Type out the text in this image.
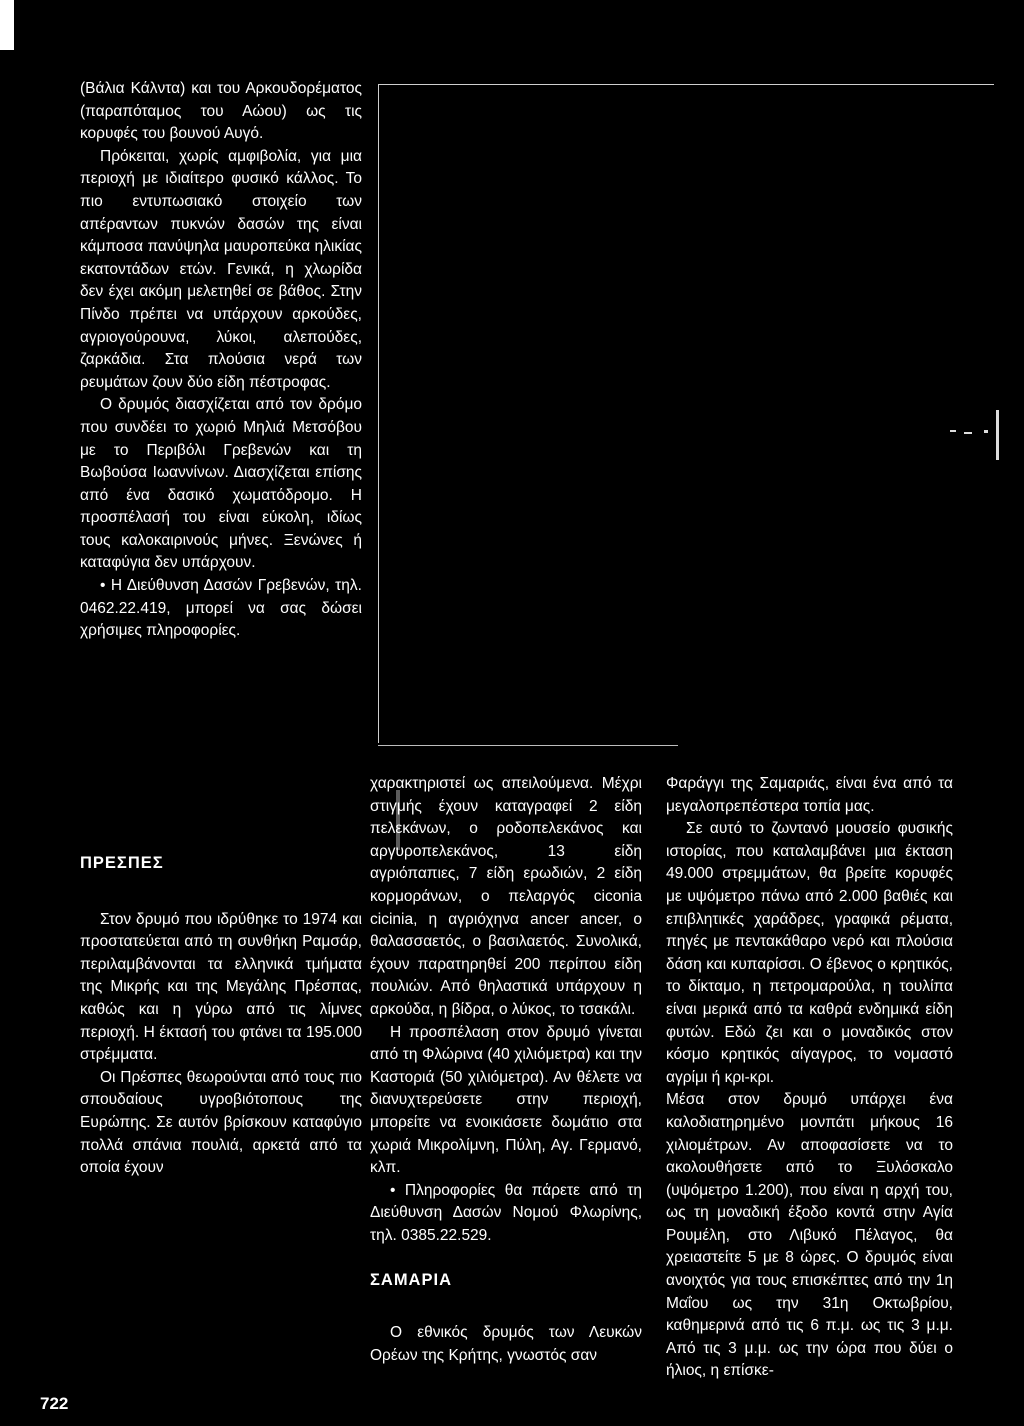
(Βάλια Κάλντα) και του Αρκουδορέματος (παραπόταμος του Αώου) ως τις κορυφές του βουνού Αυγό.

Πρόκειται, χωρίς αμφιβολία, για μια περιοχή με ιδιαίτερο φυσικό κάλλος. Το πιο εντυπωσιακό στοιχείο των απέραντων πυκνών δασών της είναι κάμποσα πανύψηλα μαυροπεύκα ηλικίας εκατοντάδων ετών. Γενικά, η χλωρίδα δεν έχει ακόμη μελετηθεί σε βάθος. Στην Πίνδο πρέπει να υπάρχουν αρκούδες, αγριογούρουνα, λύκοι, αλεπούδες, ζαρκάδια. Στα πλούσια νερά των ρευμάτων ζουν δύο είδη πέστροφας.

Ο δρυμός διασχίζεται από τον δρόμο που συνδέει το χωριό Μηλιά Μετσόβου με το Περιβόλι Γρεβενών και τη Βωβούσα Ιωαννίνων. Διασχίζεται επίσης από ένα δασικό χωματόδρομο. Η προσπέλασή του είναι εύκολη, ιδίως τους καλοκαιρινούς μήνες. Ξενώνες ή καταφύγια δεν υπάρχουν.

• Η Διεύθυνση Δασών Γρεβενών, τηλ. 0462.22.419, μπορεί να σας δώσει χρήσιμες πληροφορίες.

ΠΡΕΣΠΕΣ

Στον δρυμό που ιδρύθηκε το 1974 και προστατεύεται από τη συνθήκη Ραμσάρ, περιλαμβάνονται τα ελληνικά τμήματα της Μικρής και της Μεγάλης Πρέσπας, καθώς και η γύρω από τις λίμνες περιοχή. Η έκτασή του φτάνει τα 195.000 στρέμματα.

Οι Πρέσπες θεωρούνται από τους πιο σπουδαίους υγροβιότοπους της Ευρώπης. Σε αυτόν βρίσκουν καταφύγιο πολλά σπάνια πουλιά, αρκετά από τα οποία έχουν

χαρακτηριστεί ως απειλούμενα. Μέχρι στιγμής έχουν καταγραφεί 2 είδη πελεκάνων, ο ροδοπελεκάνος και αργυροπελεκάνος, 13 είδη αγριόπαπιες, 7 είδη ερωδιών, 2 είδη κορμοράνων, ο πελαργός ciconia ciciniа, η αγριόχηνα ancer ancer, ο θαλασσαετός, ο βασιλαετός. Συνολικά, έχουν παρατηρηθεί 200 περίπου είδη πουλιών. Από θηλαστικά υπάρχουν η αρκούδα, η βίδρα, ο λύκος, το τσακάλι.

Η προσπέλαση στον δρυμό γίνεται από τη Φλώρινα (40 χιλιόμετρα) και την Καστοριά (50 χιλιόμετρα). Αν θέλετε να διανυχτερεύσετε στην περιοχή, μπορείτε να ενοικιάσετε δωμάτιο στα χωριά Μικρολίμνη, Πύλη, Αγ. Γερμανό, κλπ.

• Πληροφορίες θα πάρετε από τη Διεύθυνση Δασών Νομού Φλωρίνης, τηλ. 0385.22.529.

ΣΑΜΑΡΙΑ

Ο εθνικός δρυμός των Λευκών Ορέων της Κρήτης, γνωστός σαν

Φαράγγι της Σαμαριάς, είναι ένα από τα μεγαλοπρεπέστερα τοπία μας.

Σε αυτό το ζωντανό μουσείο φυσικής ιστορίας, που καταλαμβάνει μια έκταση 49.000 στρεμμάτων, θα βρείτε κορυφές με υψόμετρο πάνω από 2.000 βαθιές και επιβλητικές χαράδρες, γραφικά ρέματα, πηγές με πεντακάθαρο νερό και πλούσια δάση και κυπαρίσσι. Ο έβενος ο κρητικός, το δίκταμο, η πετρομαρούλα, η τουλίπα είναι μερικά από τα καθρά ενδημικά είδη φυτών. Εδώ ζει και ο μοναδικός στον κόσμο κρητικός αίγαγρος, το νομαστό αγρίμι ή κρι-κρι.

Μέσα στον δρυμό υπάρχει ένα καλοδιατηρημένο μονπάτι μήκους 16 χιλιομέτρων. Αν αποφασίσετε να το ακολουθήσετε από το Ξυλόσκαλο (υψόμετρο 1.200), που είναι η αρχή του, ως τη μοναδική έξοδο κοντά στην Αγία Ρουμέλη, στο Λιβυκό Πέλαγος, θα χρειαστείτε 5 με 8 ώρες. Ο δρυμός είναι ανοιχτός για τους επισκέπτες από την 1η Μαΐου ως την 31η Οκτωβρίου, καθημερινά από τις 6 π.μ. ως τις 3 μ.μ. Από τις 3 μ.μ. ως την ώρα που δύει ο ήλιος, η επίσκε-

722
